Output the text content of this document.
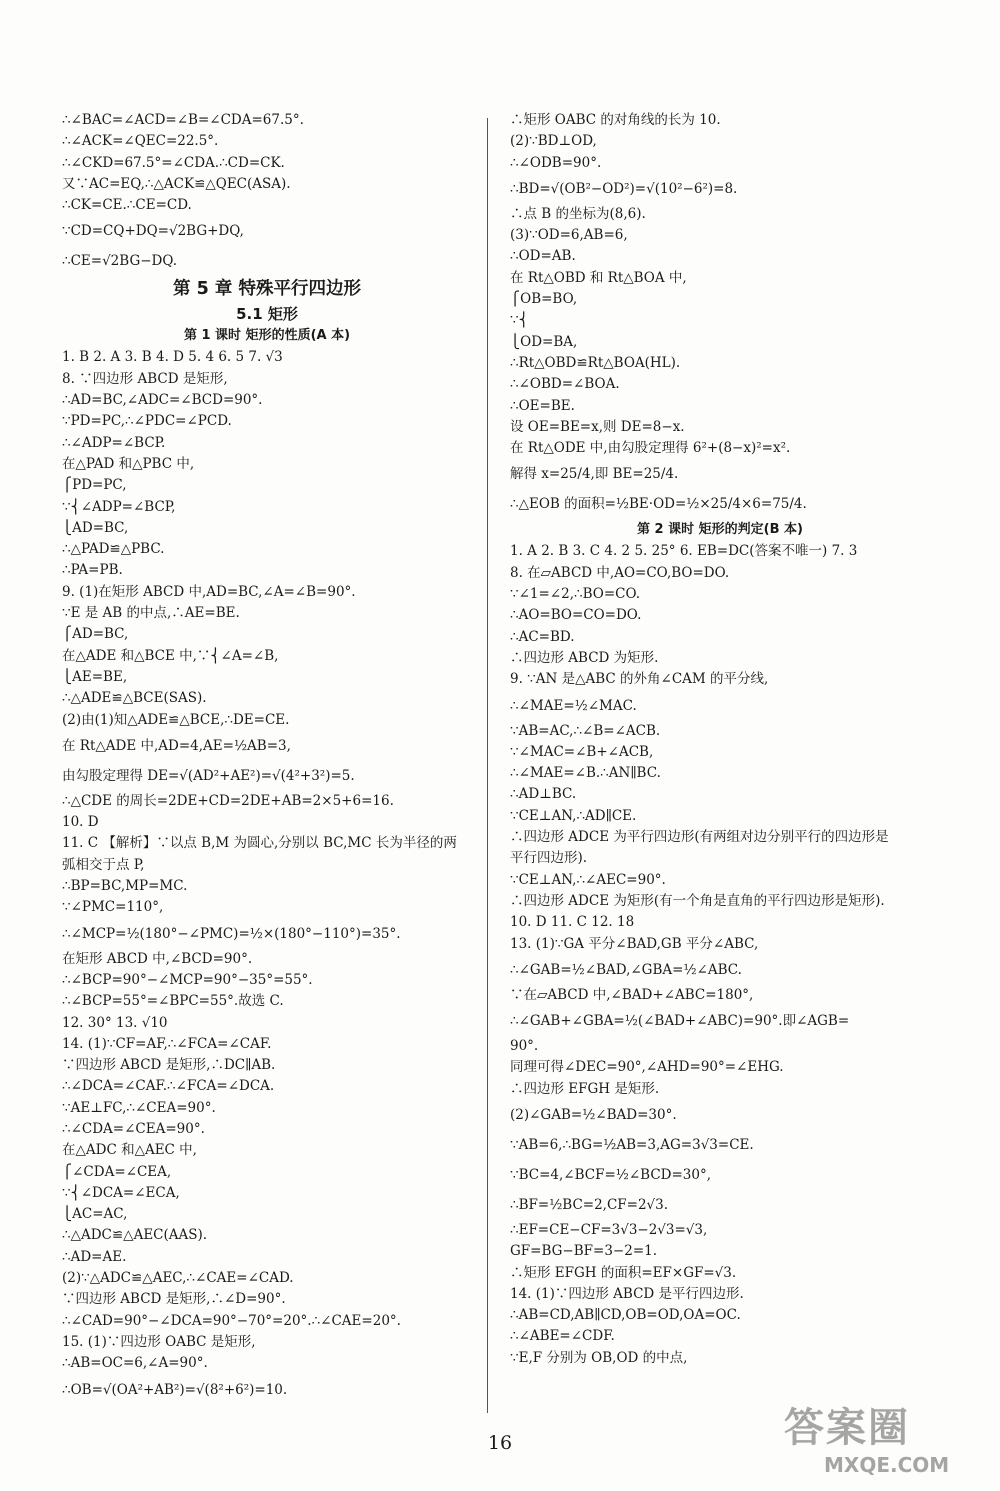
∴∠BAC=∠ACD=∠B=∠CDA=67.5°.
∴∠ACK=∠QEC=22.5°.
∴∠CKD=67.5°=∠CDA.∴CD=CK.
又∵AC=EQ,∴△ACK≌△QEC(ASA).
∴CK=CE.∴CE=CD.
∵CD=CQ+DQ=√2BG+DQ,
∴CE=√2BG−DQ.
第 5 章 特殊平行四边形
5.1 矩形
第 1 课时 矩形的性质(A 本)
1. B 2. A 3. B 4. D 5. 4 6. 5 7. √3
8. ∵四边形 ABCD 是矩形,
∴AD=BC,∠ADC=∠BCD=90°.
∵PD=PC,∴∠PDC=∠PCD.
∴∠ADP=∠BCP.
在△PAD 和△PBC 中,
⎧PD=PC,
∵⎨∠ADP=∠BCP,
⎩AD=BC,
∴△PAD≌△PBC.
∴PA=PB.
9. (1)在矩形 ABCD 中,AD=BC,∠A=∠B=90°.
∵E 是 AB 的中点,∴AE=BE.
⎧AD=BC,
在△ADE 和△BCE 中,∵⎨∠A=∠B,
⎩AE=BE,
∴△ADE≌△BCE(SAS).
(2)由(1)知△ADE≌△BCE,∴DE=CE.
在 Rt△ADE 中,AD=4,AE=½AB=3,
由勾股定理得 DE=√(AD²+AE²)=√(4²+3²)=5.
∴△CDE 的周长=2DE+CD=2DE+AB=2×5+6=16.
10. D
11. C 【解析】∵以点 B,M 为圆心,分别以 BC,MC 长为半径的两
弧相交于点 P,
∴BP=BC,MP=MC.
∵∠PMC=110°,
∴∠MCP=½(180°−∠PMC)=½×(180°−110°)=35°.
在矩形 ABCD 中,∠BCD=90°.
∴∠BCP=90°−∠MCP=90°−35°=55°.
∴∠BCP=55°=∠BPC=55°.故选 C.
12. 30° 13. √10
14. (1)∵CF=AF,∴∠FCA=∠CAF.
∵四边形 ABCD 是矩形,∴DC∥AB.
∴∠DCA=∠CAF.∴∠FCA=∠DCA.
∵AE⊥FC,∴∠CEA=90°.
∴∠CDA=∠CEA=90°.
在△ADC 和△AEC 中,
⎧∠CDA=∠CEA,
∵⎨∠DCA=∠ECA,
⎩AC=AC,
∴△ADC≌△AEC(AAS).
∴AD=AE.
(2)∵△ADC≌△AEC,∴∠CAE=∠CAD.
∵四边形 ABCD 是矩形,∴∠D=90°.
∴∠CAD=90°−∠DCA=90°−70°=20°.∴∠CAE=20°.
15. (1)∵四边形 OABC 是矩形,
∴AB=OC=6,∠A=90°.
∴OB=√(OA²+AB²)=√(8²+6²)=10.
∴矩形 OABC 的对角线的长为 10.
(2)∵BD⊥OD,
∴∠ODB=90°.
∴BD=√(OB²−OD²)=√(10²−6²)=8.
∴点 B 的坐标为(8,6).
(3)∵OD=6,AB=6,
∴OD=AB.
在 Rt△OBD 和 Rt△BOA 中,
⎧OB=BO,
∵⎨
⎩OD=BA,
∴Rt△OBD≌Rt△BOA(HL).
∴∠OBD=∠BOA.
∴OE=BE.
设 OE=BE=x,则 DE=8−x.
在 Rt△ODE 中,由勾股定理得 6²+(8−x)²=x².
解得 x=25/4,即 BE=25/4.
∴△EOB 的面积=½BE·OD=½×25/4×6=75/4.
第 2 课时 矩形的判定(B 本)
1. A 2. B 3. C 4. 2 5. 25° 6. EB=DC(答案不唯一) 7. 3
8. 在▱ABCD 中,AO=CO,BO=DO.
∵∠1=∠2,∴BO=CO.
∴AO=BO=CO=DO.
∴AC=BD.
∴四边形 ABCD 为矩形.
9. ∵AN 是△ABC 的外角∠CAM 的平分线,
∴∠MAE=½∠MAC.
∵AB=AC,∴∠B=∠ACB.
∵∠MAC=∠B+∠ACB,
∴∠MAE=∠B.∴AN∥BC.
∴AD⊥BC.
∵CE⊥AN,∴AD∥CE.
∴四边形 ADCE 为平行四边形(有两组对边分别平行的四边形是
平行四边形).
∵CE⊥AN,∴∠AEC=90°.
∴四边形 ADCE 为矩形(有一个角是直角的平行四边形是矩形).
10. D 11. C 12. 18
13. (1)∵GA 平分∠BAD,GB 平分∠ABC,
∴∠GAB=½∠BAD,∠GBA=½∠ABC.
∵在▱ABCD 中,∠BAD+∠ABC=180°,
∴∠GAB+∠GBA=½(∠BAD+∠ABC)=90°.即∠AGB=
90°.
同理可得∠DEC=90°,∠AHD=90°=∠EHG.
∴四边形 EFGH 是矩形.
(2)∠GAB=½∠BAD=30°.
∵AB=6,∴BG=½AB=3,AG=3√3=CE.
∵BC=4,∠BCF=½∠BCD=30°,
∴BF=½BC=2,CF=2√3.
∴EF=CE−CF=3√3−2√3=√3,
GF=BG−BF=3−2=1.
∴矩形 EFGH 的面积=EF×GF=√3.
14. (1)∵四边形 ABCD 是平行四边形.
∴AB=CD,AB∥CD,OB=OD,OA=OC.
∴∠ABE=∠CDF.
∵E,F 分别为 OB,OD 的中点,
16	答案圈
MXQE.COM
